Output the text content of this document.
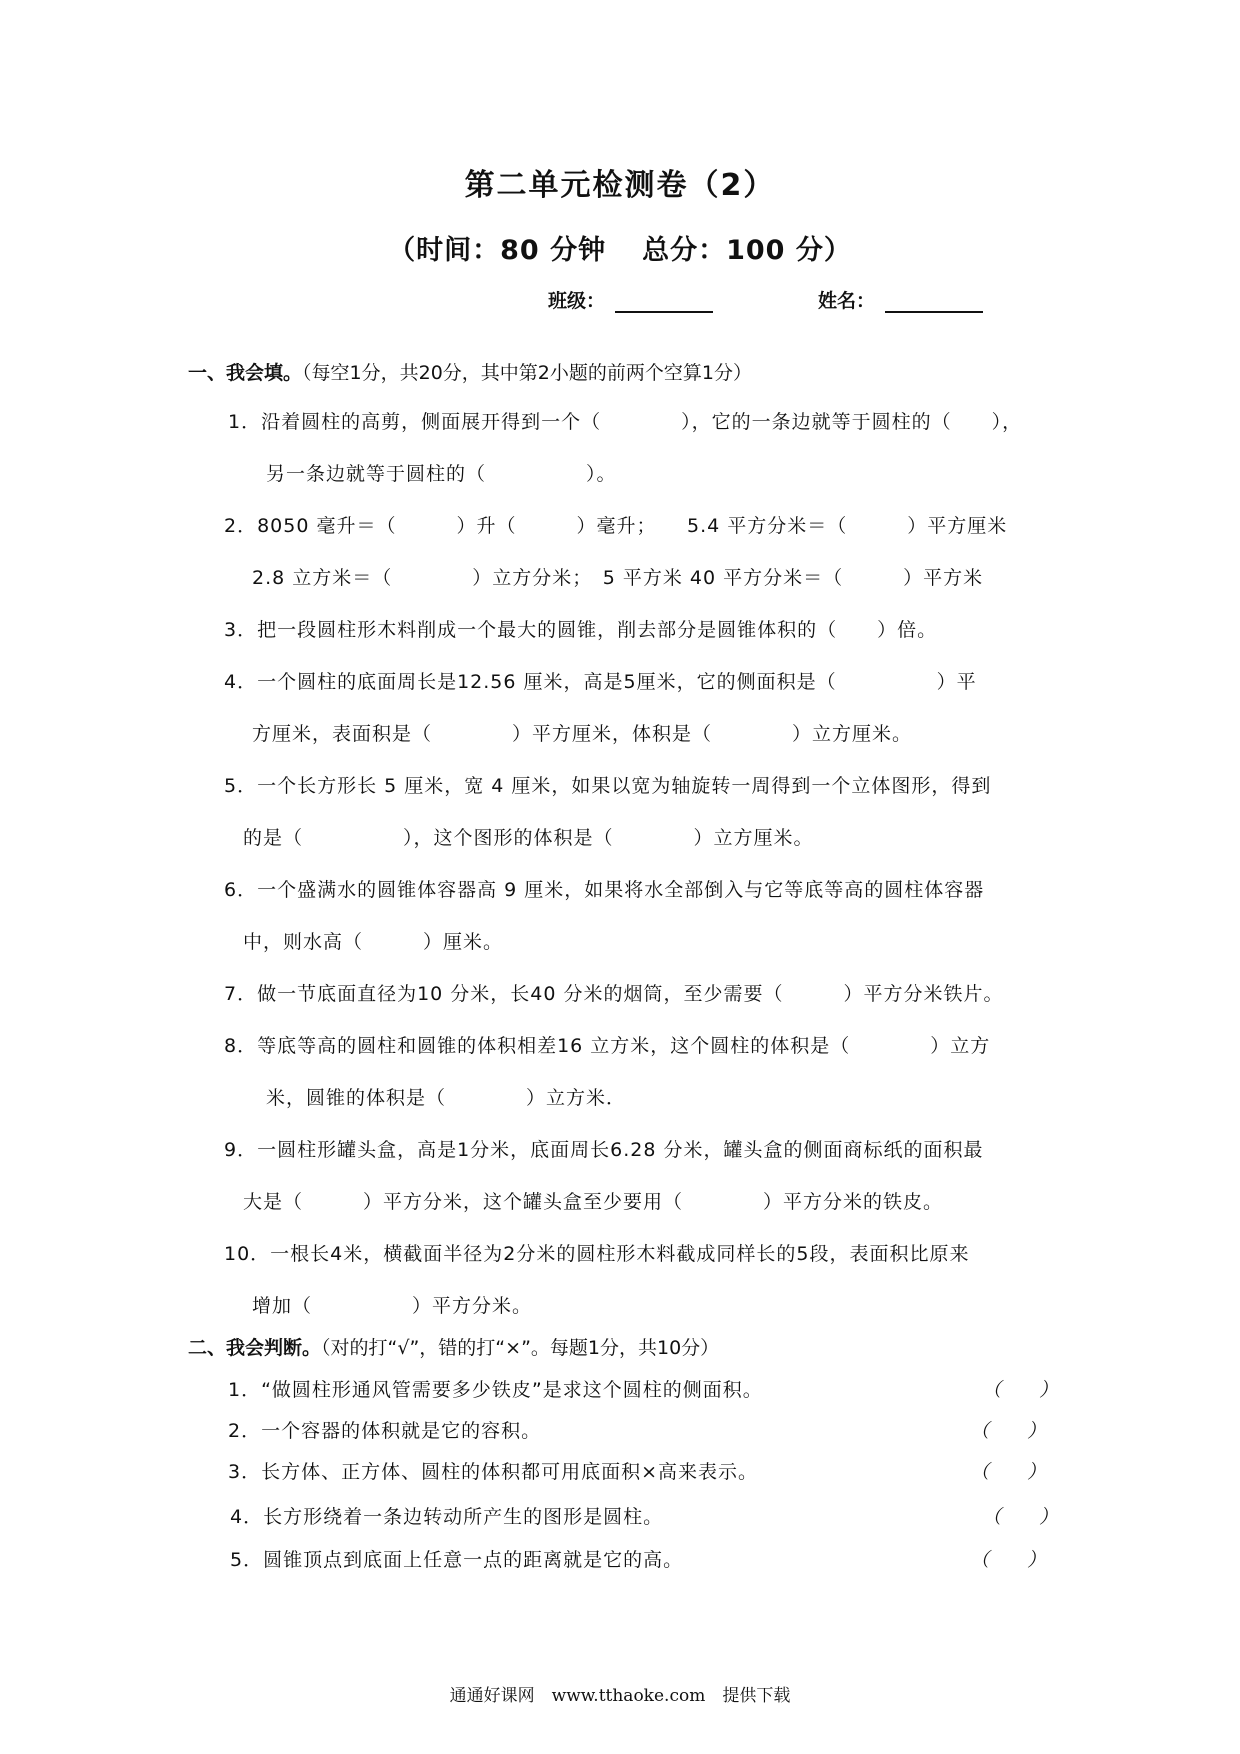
第二单元检测卷（2）
（时间：80 分钟 总分：100 分）
班级：	姓名：
一、我会填。（每空1分，共20分，其中第2小题的前两个空算1分）
1．沿着圆柱的高剪，侧面展开得到一个（　　　　），它的一条边就等于圆柱的（　　），
另一条边就等于圆柱的（　　　　　）。
2．8050 毫升＝（　　　）升（　　　）毫升；　　5.4 平方分米＝（　　　）平方厘米
2.8 立方米＝（　　　　）立方分米；　5 平方米 40 平方分米＝（　　　）平方米
3．把一段圆柱形木料削成一个最大的圆锥，削去部分是圆锥体积的（　　）倍。
4．一个圆柱的底面周长是12.56 厘米，高是5厘米，它的侧面积是（　　　　　）平
方厘米，表面积是（　　　　）平方厘米，体积是（　　　　）立方厘米。
5．一个长方形长 5 厘米，宽 4 厘米，如果以宽为轴旋转一周得到一个立体图形，得到
的是（　　　　　），这个图形的体积是（　　　　）立方厘米。
6．一个盛满水的圆锥体容器高 9 厘米，如果将水全部倒入与它等底等高的圆柱体容器
中，则水高（　　　）厘米。
7．做一节底面直径为10 分米，长40 分米的烟筒，至少需要（　　　）平方分米铁片。
8．等底等高的圆柱和圆锥的体积相差16 立方米，这个圆柱的体积是（　　　　）立方
米，圆锥的体积是（　　　　）立方米．
9．一圆柱形罐头盒，高是1分米，底面周长6.28 分米，罐头盒的侧面商标纸的面积最
大是（　　　）平方分米，这个罐头盒至少要用（　　　　）平方分米的铁皮。
10．一根长4米，横截面半径为2分米的圆柱形木料截成同样长的5段，表面积比原来
增加（　　　　　）平方分米。
二、我会判断。（对的打“√”，错的打“×”。每题1分，共10分）
1．“做圆柱形通风管需要多少铁皮”是求这个圆柱的侧面积。	（　　）
2．一个容器的体积就是它的容积。	（　　）
3．长方体、正方体、圆柱的体积都可用底面积×高来表示。	（　　）
4．长方形绕着一条边转动所产生的图形是圆柱。	（　　）
5．圆锥顶点到底面上任意一点的距离就是它的高。	（　　）
通通好课网　www.tthaoke.com　提供下载
